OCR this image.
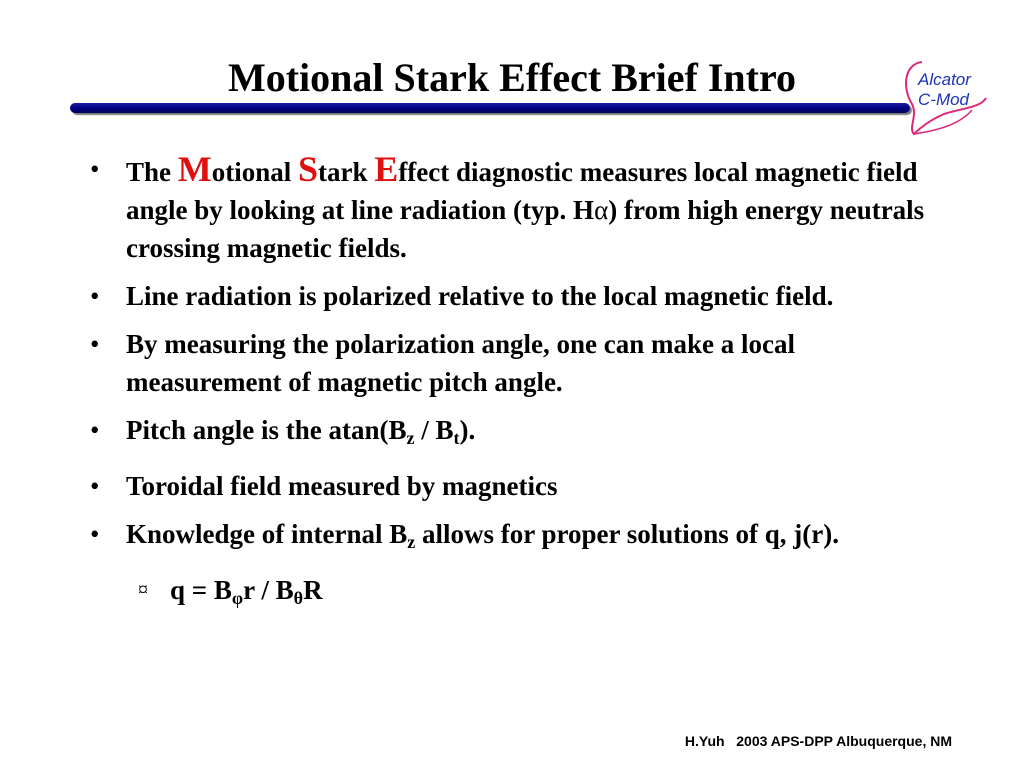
Motional Stark Effect Brief Intro	Alcator
C-Mod
• The Motional Stark Effect diagnostic measures local magnetic field angle by looking at line radiation (typ. Hα) from high energy neutrals crossing magnetic fields.
• Line radiation is polarized relative to the local magnetic field.
• By measuring the polarization angle, one can make a local measurement of magnetic pitch angle.
• Pitch angle is the $atan(B_z / B_t)$.
• Toroidal field measured by magnetics
• Knowledge of internal $B_z$ allows for proper solutions of q, j(r).
¤ $q = B_\varphi r / B_\theta R$
H.Yuh   2003 APS-DPP Albuquerque, NM
